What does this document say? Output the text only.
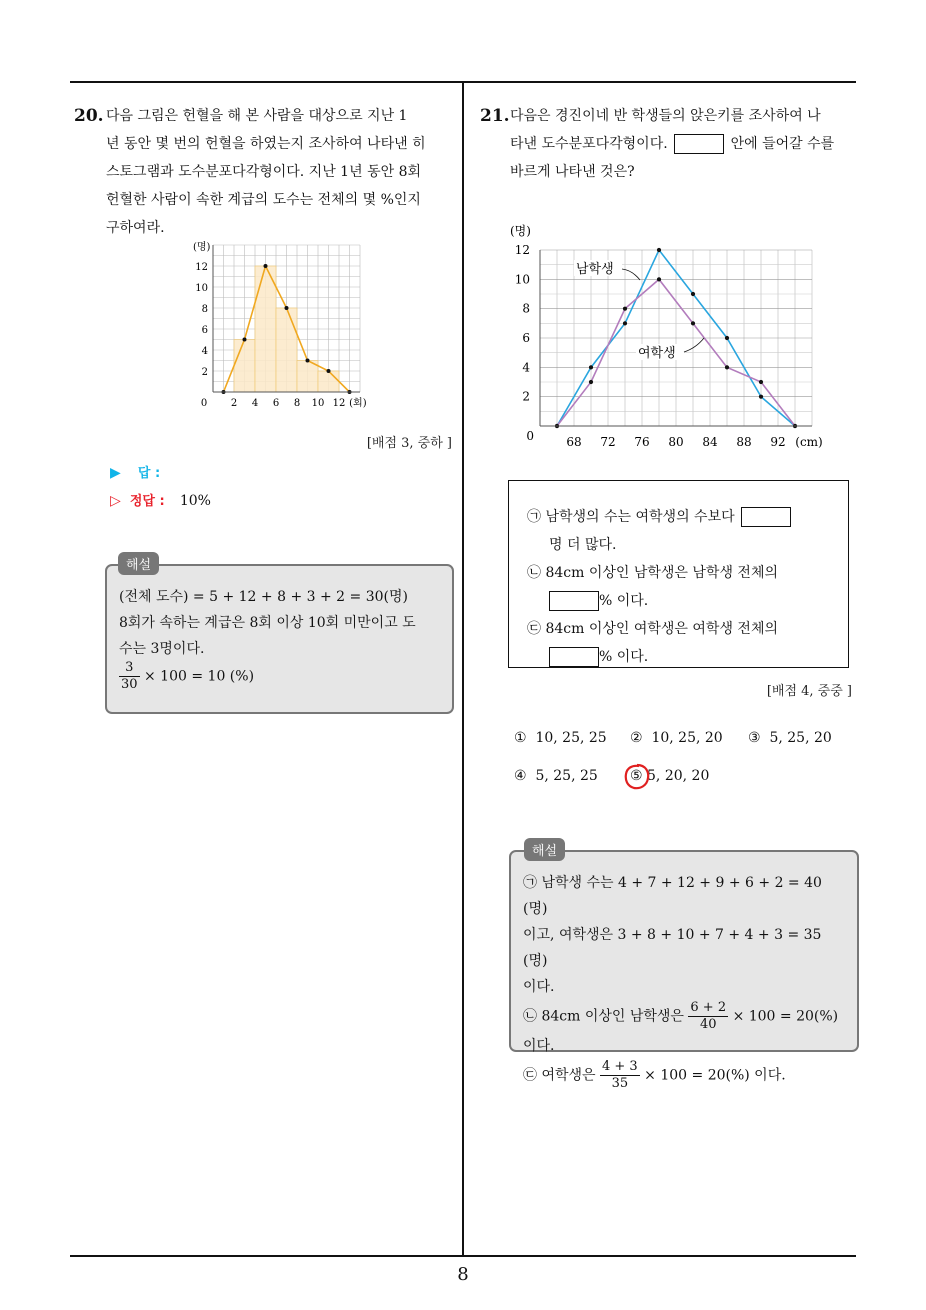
8
20. 다음 그림은 헌혈을 해 본 사람을 대상으로 지난 1
년 동안 몇 번의 헌혈을 하였는지 조사하여 나타낸 히
스토그램과 도수분포다각형이다. 지난 1년 동안 8회
헌혈한 사람이 속한 계급의 도수는 전체의 몇 %인지
구하여라.
(명)
2
4
6
8
10
12
0 2 4 6 8 10 12 (회)
[배점 3, 중하 ]
▶ 답 :
▷ 정답 : 10%
(전체 도수) = 5 + 12 + 8 + 3 + 2 = 30(명)
8회가 속하는 계급은 8회 이상 10회 미만이고 도
수는 3명이다.
$\frac{3}{30} \times 100 = 10$ (%)
해설
21. 다음은 경진이네 반 학생들의 앉은키를 조사하여 나
타낸 도수분포다각형이다.	안에 들어갈 수를
바르게 나타낸 것은?
(명)
0
2
4
6
8
10
12
68 72 76 80 84 88 92 (cm)
남학생
여학생
㉠ 남학생의 수는 여학생의 수보다
명 더 많다.
㉡ 84cm 이상인 남학생은 남학생 전체의
% 이다.
㉢ 84cm 이상인 여학생은 여학생 전체의
% 이다.
[배점 4, 중중 ]
① 10, 25, 25 ② 10, 25, 20 ③ 5, 25, 20
④ 5, 25, 25 ⑤ 5, 20, 20
㉠ 남학생 수는 4 + 7 + 12 + 9 + 6 + 2 = 40 (명)
이고, 여학생은 3 + 8 + 10 + 7 + 4 + 3 = 35 (명)
이다.
㉡ 84cm 이상인 남학생은 $\frac{6 + 2}{40} \times 100 = 20(\%)$
이다.
㉢ 여학생은 $\frac{4 + 3}{35} \times 100 = 20(\%)$ 이다.
해설
